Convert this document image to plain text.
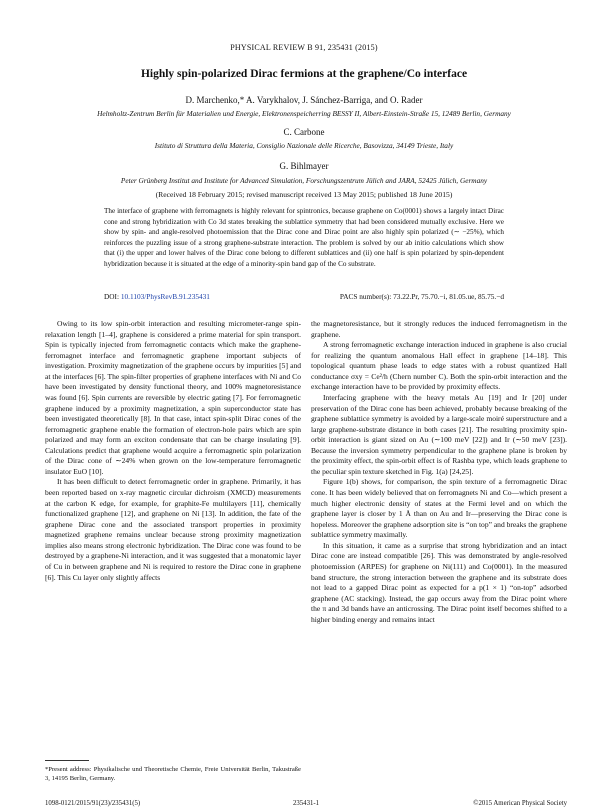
PHYSICAL REVIEW B 91, 235431 (2015)
Highly spin-polarized Dirac fermions at the graphene/Co interface
D. Marchenko,* A. Varykhalov, J. Sánchez-Barriga, and O. Rader
Helmholtz-Zentrum Berlin für Materialien und Energie, Elektronenspeicherring BESSY II, Albert-Einstein-Straße 15, 12489 Berlin, Germany
C. Carbone
Istituto di Struttura della Materia, Consiglio Nazionale delle Ricerche, Basovizza, 34149 Trieste, Italy
G. Bihlmayer
Peter Grünberg Institut and Institute for Advanced Simulation, Forschungszentrum Jülich and JARA, 52425 Jülich, Germany
(Received 18 February 2015; revised manuscript received 13 May 2015; published 18 June 2015)
The interface of graphene with ferromagnets is highly relevant for spintronics, because graphene on Co(0001) shows a largely intact Dirac cone and strong hybridization with Co 3d states breaking the sublattice symmetry that had been considered mutually exclusive. Here we show by spin- and angle-resolved photoemission that the Dirac cone and Dirac point are also highly spin polarized (∼ −25%), which reinforces the puzzling issue of a strong graphene-substrate interaction. The problem is solved by our ab initio calculations which show that (i) the upper and lower halves of the Dirac cone belong to different sublattices and (ii) one half is spin polarized by spin-dependent hybridization because it is situated at the edge of a minority-spin band gap of the Co substrate.
DOI: 10.1103/PhysRevB.91.235431	PACS number(s): 73.22.Pr, 75.70.−i, 81.05.ue, 85.75.−d

Owing to its low spin-orbit interaction and resulting micrometer-range spin-relaxation length [1–4], graphene is considered a prime material for spin transport. Spin is typically injected from ferromagnetic contacts which make the graphene-ferromagnet interface and ferromagnetic graphene important subjects of investigation. Proximity magnetization of the graphene occurs by impurities [5] and at the interfaces [6]. The spin-filter properties of graphene interfaces with Ni and Co have been investigated by density functional theory, and 100% magnetoresistance was found [6]. Spin currents are reversible by electric gating [7]. For ferromagnetic graphene induced by a proximity magnetization, a spin superconductor state has been investigated theoretically [8]. In that case, intact spin-split Dirac cones of the ferromagnetic graphene enable the formation of electron-hole pairs which are spin polarized and may form an exciton condensate that can be charge insulating [9]. Calculations predict that graphene would acquire a ferromagnetic spin polarization of the Dirac cone of ∼24% when grown on the low-temperature ferromagnetic insulator EuO [10].

It has been difficult to detect ferromagnetic order in graphene. Primarily, it has been reported based on x-ray magnetic circular dichroism (XMCD) measurements at the carbon K edge, for example, for graphite-Fe multilayers [11], chemically functionalized graphene [12], and graphene on Ni [13]. In addition, the fate of the graphene Dirac cone and the associated transport properties in proximity magnetized graphene remains unclear because strong proximity magnetization implies also means strong electronic hybridization. The Dirac cone was found to be destroyed by a graphene-Ni interaction, and it was suggested that a monatomic layer of Cu in between graphene and Ni is required to restore the Dirac cone in graphene [6]. This Cu layer only slightly affects

the magnetoresistance, but it strongly reduces the induced ferromagnetism in the graphene.

A strong ferromagnetic exchange interaction induced in graphene is also crucial for realizing the quantum anomalous Hall effect in graphene [14–18]. This topological quantum phase leads to edge states with a robust quantized Hall conductance σxy = Ce²/h (Chern number C). Both the spin-orbit interaction and the exchange interaction have to be provided by proximity effects.

Interfacing graphene with the heavy metals Au [19] and Ir [20] under preservation of the Dirac cone has been achieved, probably because breaking of the graphene sublattice symmetry is avoided by a large-scale moiré superstructure and a large graphene-substrate distance in both cases [21]. The resulting proximity spin-orbit interaction is giant sized on Au (∼100 meV [22]) and Ir (∼50 meV [23]). Because the inversion symmetry perpendicular to the graphene plane is broken by the proximity effect, the spin-orbit effect is of Rashba type, which leads graphene to the peculiar spin texture sketched in Fig. 1(a) [24,25].

Figure 1(b) shows, for comparison, the spin texture of a ferromagnetic Dirac cone. It has been widely believed that on ferromagnets Ni and Co—which present a much higher electronic density of states at the Fermi level and on which the graphene layer is closer by 1 Å than on Au and Ir—preserving the Dirac cone is hopeless. Moreover the graphene adsorption site is “on top” and breaks the graphene sublattice symmetry maximally.

In this situation, it came as a surprise that strong hybridization and an intact Dirac cone are instead compatible [26]. This was demonstrated by angle-resolved photoemission (ARPES) for graphene on Ni(111) and Co(0001). In the measured band structure, the strong interaction between the graphene and its substrate does not lead to a gapped Dirac point as expected for a p(1 × 1) “on-top” adsorbed graphene (AC stacking). Instead, the gap occurs away from the Dirac point where the π and 3d bands have an anticrossing. The Dirac point itself becomes shifted to a higher binding energy and remains intact

*Present address: Physikalische und Theoretische Chemie, Freie Universität Berlin, Takustraße 3, 14195 Berlin, Germany.
1098-0121/2015/91(23)/235431(5)	235431-1	©2015 American Physical Society
